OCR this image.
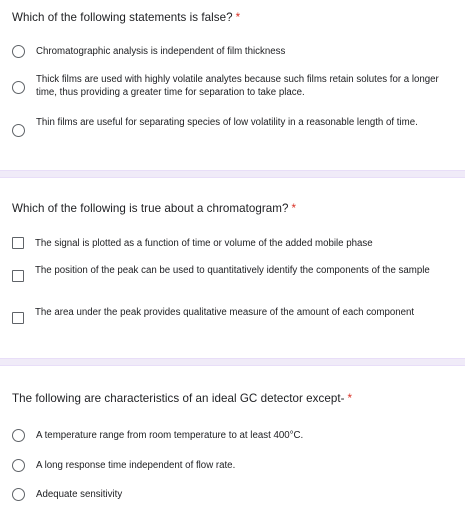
Which of the following statements is false? *
Chromatographic analysis is independent of film thickness
Thick films are used with highly volatile analytes because such films retain solutes for a longer time, thus providing a greater time for separation to take place.
Thin films are useful for separating species of low volatility in a reasonable length of time.
Which of the following is true about a chromatogram? *
The signal is plotted as a function of time or volume of the added mobile phase
The position of the peak can be used to quantitatively identify the components of the sample
The area under the peak provides qualitative measure of the amount of each component
The following are characteristics of an ideal GC detector except- *
A temperature range from room temperature to at least 400°C.
A long response time independent of flow rate.
Adequate sensitivity
